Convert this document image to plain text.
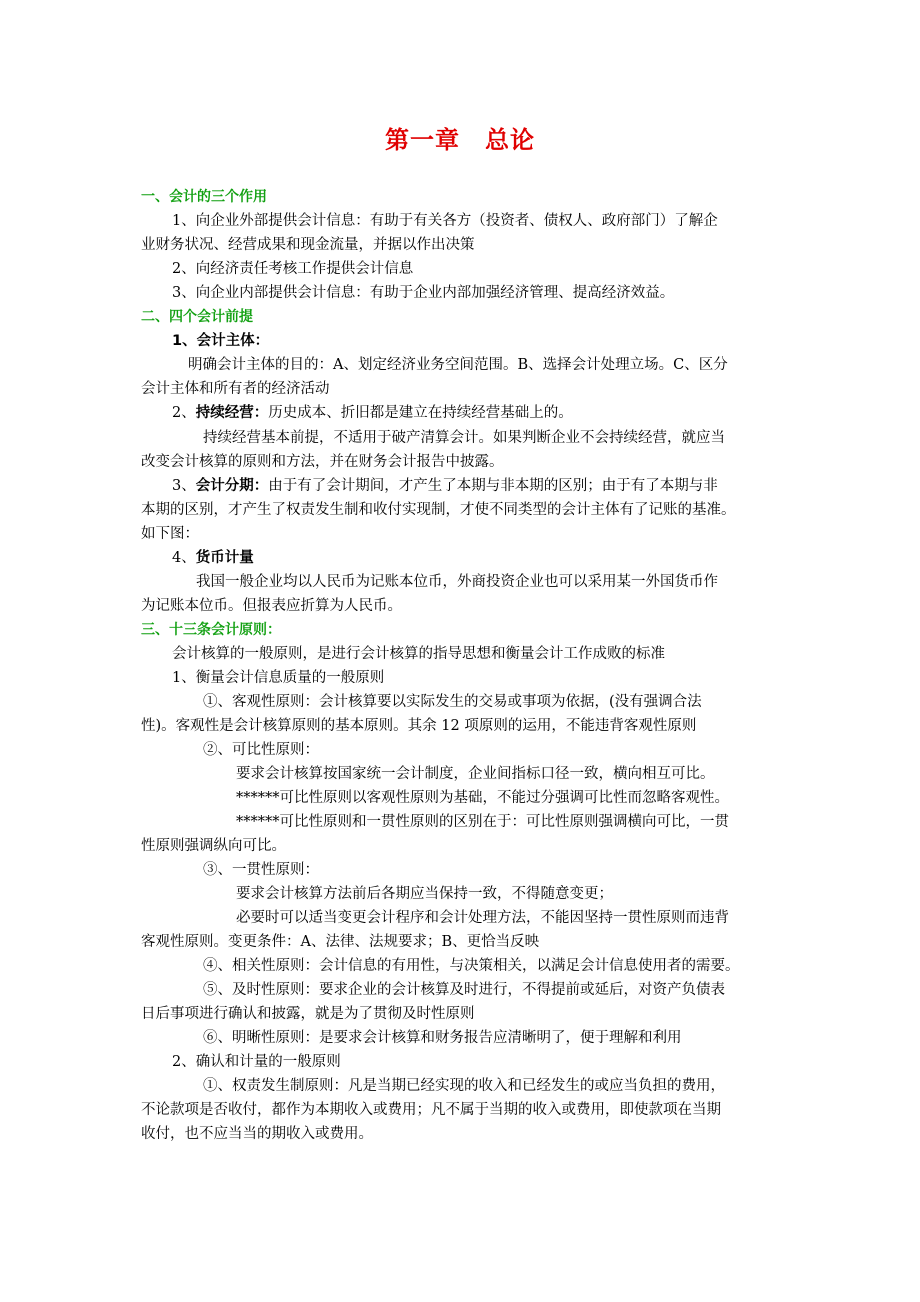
第一章　总论
一、会计的三个作用
1、向企业外部提供会计信息：有助于有关各方（投资者、债权人、政府部门）了解企
业财务状况、经营成果和现金流量，并据以作出决策
2、向经济责任考核工作提供会计信息
3、向企业内部提供会计信息：有助于企业内部加强经济管理、提高经济效益。
二、四个会计前提
1、会计主体：
明确会计主体的目的：A、划定经济业务空间范围。B、选择会计处理立场。C、区分
会计主体和所有者的经济活动
2、持续经营：历史成本、折旧都是建立在持续经营基础上的。
持续经营基本前提，不适用于破产清算会计。如果判断企业不会持续经营，就应当
改变会计核算的原则和方法，并在财务会计报告中披露。
3、会计分期：由于有了会计期间，才产生了本期与非本期的区别；由于有了本期与非
本期的区别，才产生了权责发生制和收付实现制，才使不同类型的会计主体有了记账的基准。
如下图：
4、货币计量
我国一般企业均以人民币为记账本位币，外商投资企业也可以采用某一外国货币作
为记账本位币。但报表应折算为人民币。
三、十三条会计原则：
会计核算的一般原则，是进行会计核算的指导思想和衡量会计工作成败的标准
1、衡量会计信息质量的一般原则
①、客观性原则：会计核算要以实际发生的交易或事项为依据，(没有强调合法
性)。客观性是会计核算原则的基本原则。其余 12 项原则的运用，不能违背客观性原则
②、可比性原则：
要求会计核算按国家统一会计制度，企业间指标口径一致，横向相互可比。
******可比性原则以客观性原则为基础，不能过分强调可比性而忽略客观性。
******可比性原则和一贯性原则的区别在于：可比性原则强调横向可比，一贯
性原则强调纵向可比。
③、一贯性原则：
要求会计核算方法前后各期应当保持一致，不得随意变更；
必要时可以适当变更会计程序和会计处理方法，不能因坚持一贯性原则而违背
客观性原则。变更条件：A、法律、法规要求；B、更恰当反映
④、相关性原则：会计信息的有用性，与决策相关，以满足会计信息使用者的需要。
⑤、及时性原则：要求企业的会计核算及时进行，不得提前或延后，对资产负债表
日后事项进行确认和披露，就是为了贯彻及时性原则
⑥、明晰性原则：是要求会计核算和财务报告应清晰明了，便于理解和利用
2、确认和计量的一般原则
①、权责发生制原则：凡是当期已经实现的收入和已经发生的或应当负担的费用，
不论款项是否收付，都作为本期收入或费用；凡不属于当期的收入或费用，即使款项在当期
收付，也不应当当的期收入或费用。
